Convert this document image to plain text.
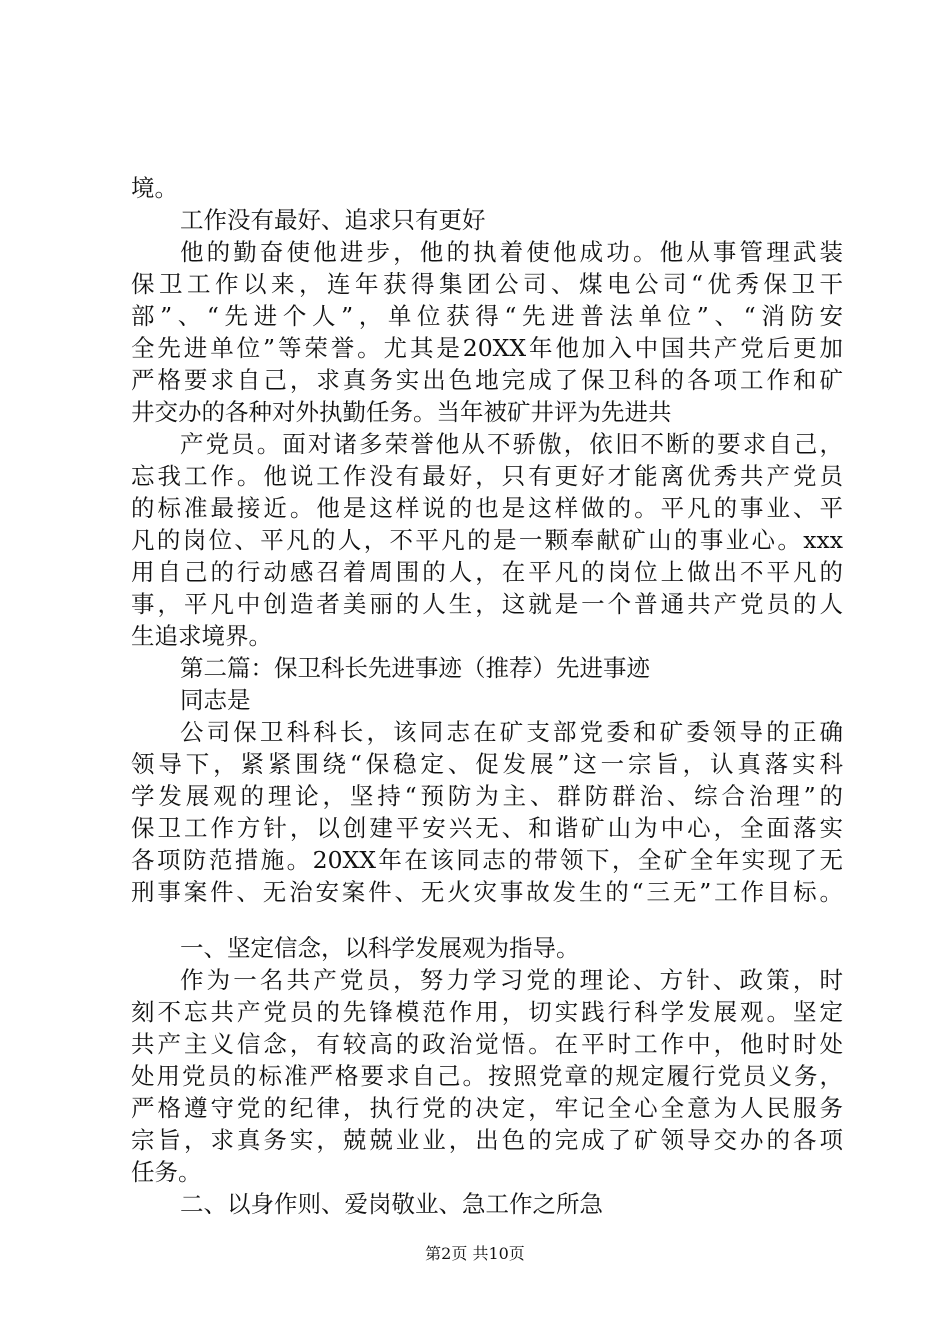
境。
工作没有最好、追求只有更好
他的勤奋使他进步，他的执着使他成功。他从事管理武装
保卫工作以来，连年获得集团公司、煤电公司“优秀保卫干
部”、“先进个人”，单位获得“先进普法单位”、“消防安
全先进单位”等荣誉。尤其是20XX年他加入中国共产党后更加
严格要求自己，求真务实出色地完成了保卫科的各项工作和矿
井交办的各种对外执勤任务。当年被矿井评为先进共
产党员。面对诸多荣誉他从不骄傲，依旧不断的要求自己，
忘我工作。他说工作没有最好，只有更好才能离优秀共产党员
的标准最接近。他是这样说的也是这样做的。平凡的事业、平
凡的岗位、平凡的人，不平凡的是一颗奉献矿山的事业心。xxx
用自己的行动感召着周围的人，在平凡的岗位上做出不平凡的
事，平凡中创造者美丽的人生，这就是一个普通共产党员的人
生追求境界。
第二篇：保卫科长先进事迹（推荐）先进事迹
同志是
公司保卫科科长，该同志在矿支部党委和矿委领导的正确
领导下，紧紧围绕“保稳定、促发展”这一宗旨，认真落实科
学发展观的理论，坚持“预防为主、群防群治、综合治理”的
保卫工作方针，以创建平安兴无、和谐矿山为中心，全面落实
各项防范措施。20XX年在该同志的带领下，全矿全年实现了无
刑事案件、无治安案件、无火灾事故发生的“三无”工作目标。
一、坚定信念，以科学发展观为指导。
作为一名共产党员，努力学习党的理论、方针、政策，时
刻不忘共产党员的先锋模范作用，切实践行科学发展观。坚定
共产主义信念，有较高的政治觉悟。在平时工作中，他时时处
处用党员的标准严格要求自己。按照党章的规定履行党员义务，
严格遵守党的纪律，执行党的决定，牢记全心全意为人民服务
宗旨，求真务实，兢兢业业，出色的完成了矿领导交办的各项
任务。
二、以身作则、爱岗敬业、急工作之所急
第2页 共10页
